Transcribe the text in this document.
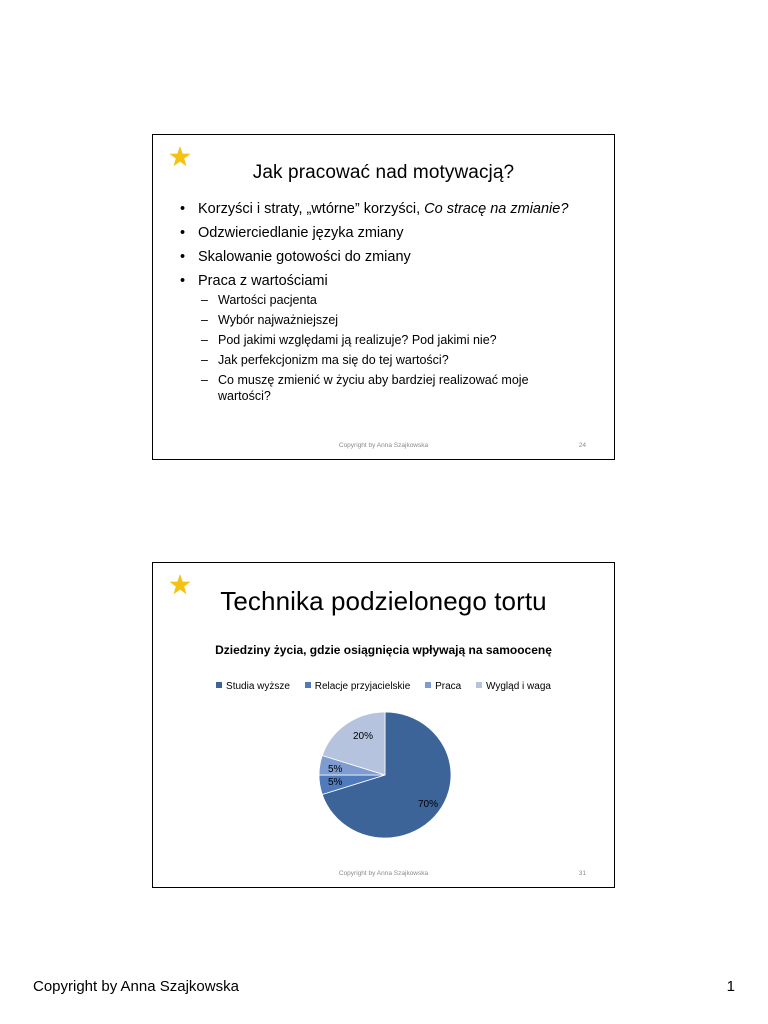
Jak pracować nad motywacją?
• Korzyści i straty, „wtórne” korzyści, Co stracę na zmianie?
• Odzwierciedlanie języka zmiany
• Skalowanie gotowości do zmiany
• Praca z wartościami
– Wartości pacjenta
– Wybór najważniejszej
– Pod jakimi względami ją realizuje? Pod jakimi nie?
– Jak perfekcjonizm ma się do tej wartości?
– Co muszę zmienić w życiu aby bardziej realizować moje wartości?
Copyright by Anna Szajkowska	24
Technika podzielonego tortu
Dziedziny życia, gdzie osiągnięcia wpływają na samoocenę
Studia wyższe Relacje przyjacielskie Praca Wygląd i waga
70%
5%
5%
20%
Copyright by Anna Szajkowska	31
Copyright by Anna Szajkowska	1
